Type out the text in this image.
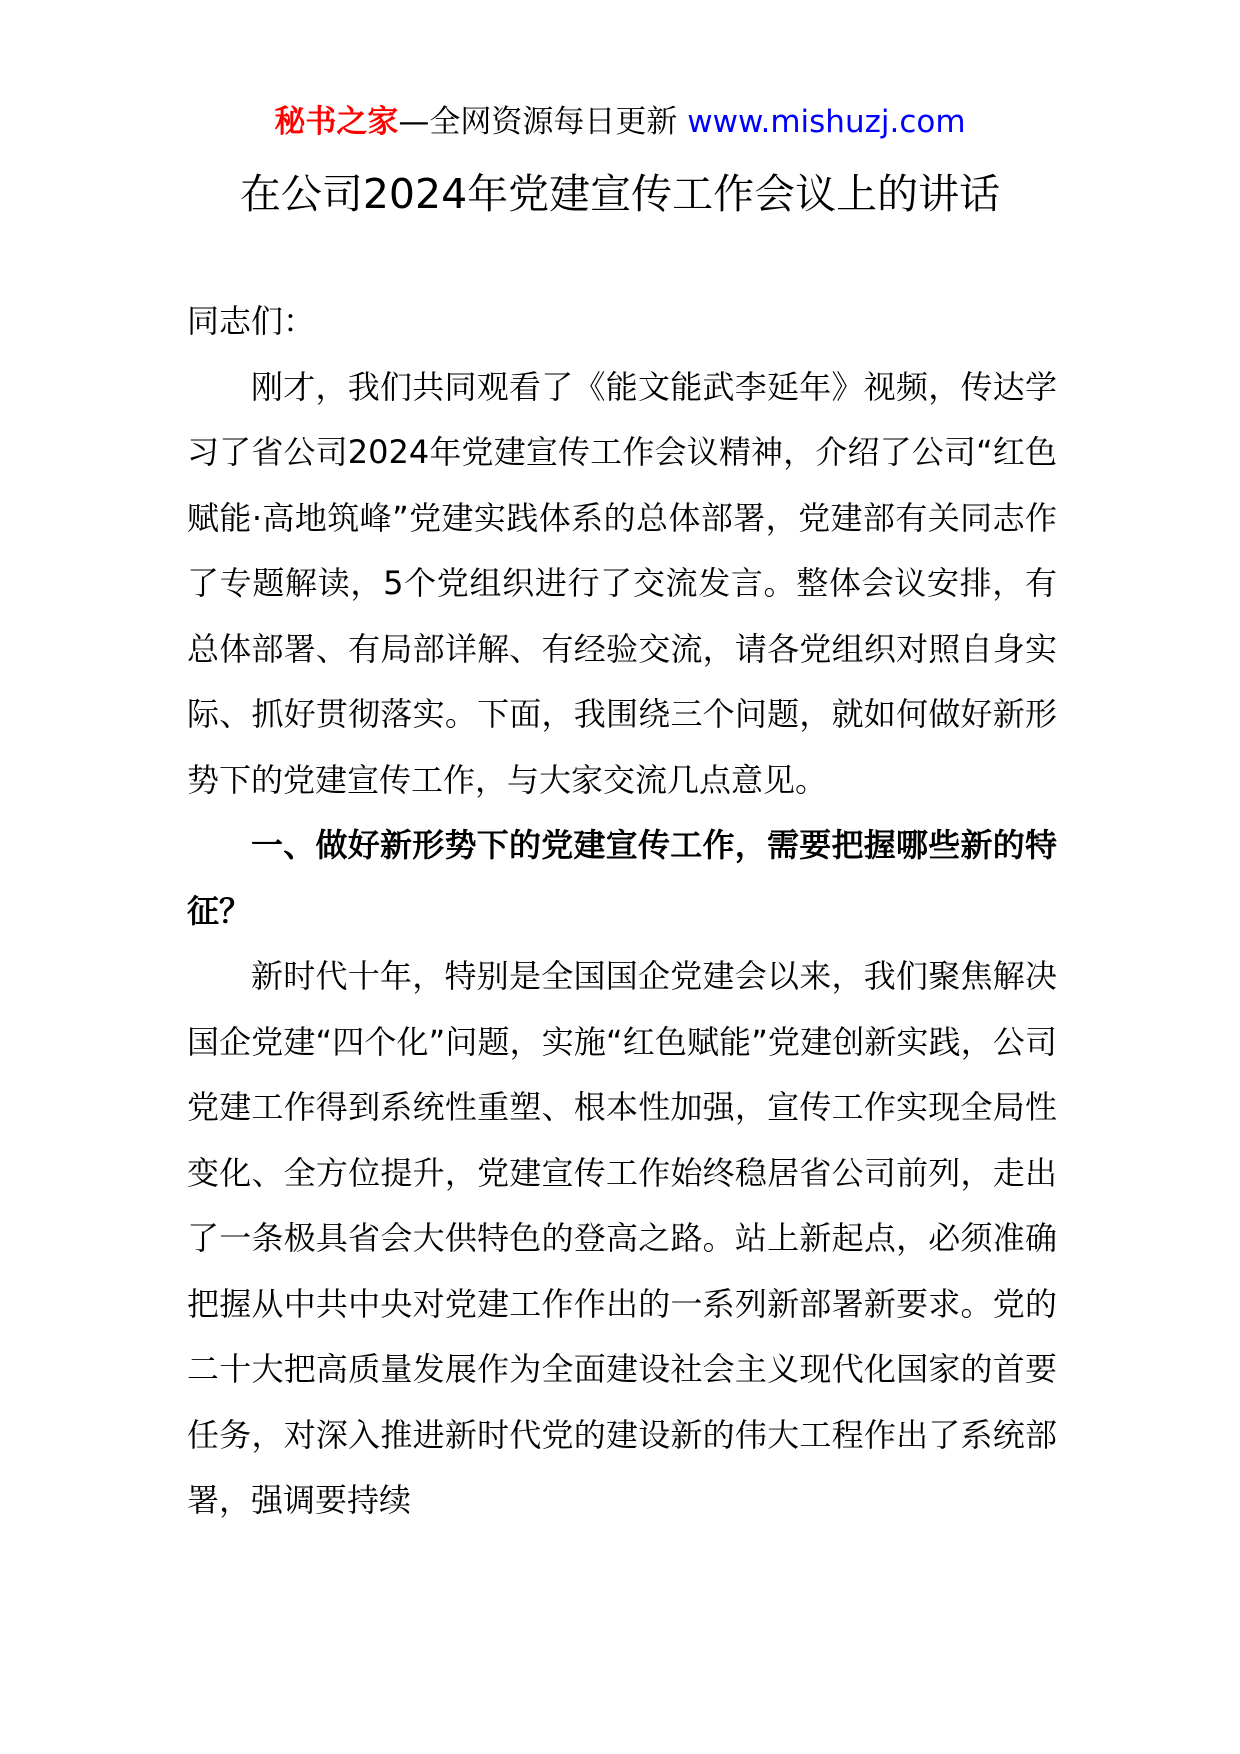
秘书之家—全网资源每日更新 www.mishuzj.com
在公司2024年党建宣传工作会议上的讲话

同志们：

刚才，我们共同观看了《能文能武李延年》视频，传达学习了省公司2024年党建宣传工作会议精神，介绍了公司“红色赋能·高地筑峰”党建实践体系的总体部署，党建部有关同志作了专题解读，5个党组织进行了交流发言。整体会议安排，有总体部署、有局部详解、有经验交流，请各党组织对照自身实际、抓好贯彻落实。下面，我围绕三个问题，就如何做好新形势下的党建宣传工作，与大家交流几点意见。

一、做好新形势下的党建宣传工作，需要把握哪些新的特征？

新时代十年，特别是全国国企党建会以来，我们聚焦解决国企党建“四个化”问题，实施“红色赋能”党建创新实践，公司党建工作得到系统性重塑、根本性加强，宣传工作实现全局性变化、全方位提升，党建宣传工作始终稳居省公司前列，走出了一条极具省会大供特色的登高之路。站上新起点，必须准确把握从中共中央对党建工作作出的一系列新部署新要求。党的二十大把高质量发展作为全面建设社会主义现代化国家的首要任务，对深入推进新时代党的建设新的伟大工程作出了系统部署，强调要持续
